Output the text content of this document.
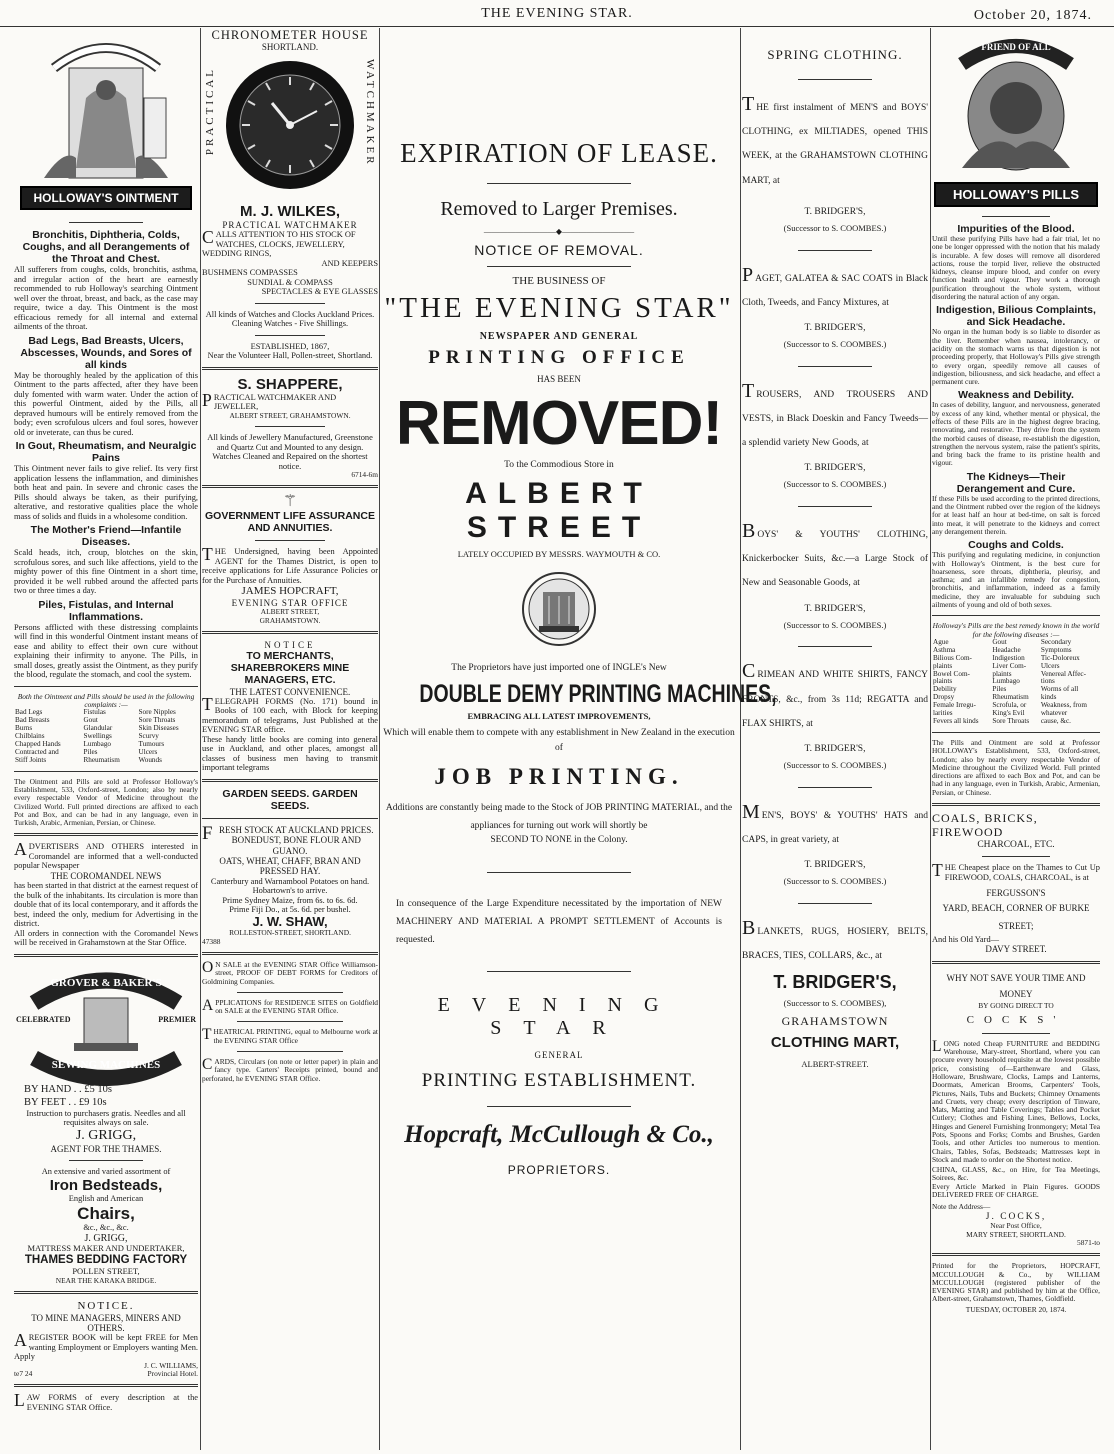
THE EVENING STAR.	October 20, 1874.
HOLLOWAY'S OINTMENT

Bronchitis, Diphtheria, Colds, Coughs, and all Derangements of the Throat and Chest.

All sufferers from coughs, colds, bronchitis, asthma, and irregular action of the heart are earnestly recommended to rub Holloway's searching Ointment well over the throat, breast, and back, as the case may require, twice a day. This Ointment is the most efficacious remedy for all internal and external ailments of the throat.

Bad Legs, Bad Breasts, Ulcers, Abscesses, Wounds, and Sores of all kinds

May be thoroughly healed by the application of this Ointment to the parts affected, after they have been duly fomented with warm water. Under the action of this powerful Ointment, aided by the Pills, all depraved humours will be entirely removed from the body; even scrofulous ulcers and foul sores, however old or inveterate, can thus be cured.

In Gout, Rheumatism, and Neuralgic Pains

This Ointment never fails to give relief. Its very first application lessens the inflammation, and diminishes both heat and pain. In severe and chronic cases the Pills should always be taken, as their purifying, alterative, and restorative qualities place the whole mass of solids and fluids in a wholesome condition.

The Mother's Friend—Infantile Diseases.

Scald heads, itch, croup, blotches on the skin, scrofulous sores, and such like affections, yield to the mighty power of this fine Ointment in a short time, provided it be well rubbed around the affected parts two or three times a day.

Piles, Fistulas, and Internal Inflammations.

Persons afflicted with these distressing complaints will find in this wonderful Ointment instant means of ease and ability to effect their own cure without explaining their infirmity to anyone. The Pills, in small doses, greatly assist the Ointment, as they purify the blood, regulate the stomach, and cool the system.

Both the Ointment and Pills should be used in the following complaints :—

Bad Legs	Fistulas	Sore Nipples
Bad Breasts	Gout	Sore Throats
Burns	Glandular	Skin Diseases
Chilblains	Swellings	Scurvy
Chapped Hands	Lumbago	Tumours
Contracted and	Piles	Ulcers
Stiff Joints	Rheumatism	Wounds

The Ointment and Pills are sold at Professor Holloway's Establishment, 533, Oxford-street, London; also by nearly every respectable Vendor of Medicine throughout the Civilized World. Full printed directions are affixed to each Pot and Box, and can be had in any language, even in Turkish, Arabic, Armenian, Persian, or Chinese.

ADVERTISERS AND OTHERS interested in Coromandel are informed that a well-conducted popular Newspaper

THE COROMANDEL NEWS

has been started in that district at the earnest request of the bulk of the inhabitants. Its circulation is more than double that of its local contemporary, and it affords the best, indeed the only, medium for Advertising in the district.

All orders in connection with the Coromandel News will be received in Grahamstown at the Star Office.

GROVER & BAKER'S
CELEBRATED	PREMIER
SEWING MACHINES

BY HAND . . £5 10s

BY FEET . . £9 10s

Instruction to purchasers gratis. Needles and all requisites always on sale.

J. GRIGG,

AGENT FOR THE THAMES.

An extensive and varied assortment of

Iron Bedsteads,

English and American

Chairs,

&c., &c., &c.

J. GRIGG,

MATTRESS MAKER AND UNDERTAKER,

THAMES BEDDING FACTORY

POLLEN STREET,

NEAR THE KARAKA BRIDGE.

NOTICE.

TO MINE MANAGERS, MINERS AND OTHERS.

AREGISTER BOOK will be kept FREE for Men wanting Employment or Employers wanting Men. Apply

J. C. WILLIAMS,

te7 24	Provincial Hotel.

LAW FORMS of every description at the EVENING STAR Office.

CHRONOMETER HOUSE

SHORTLAND.

PRACTICAL	WATCHMAKER

M. J. WILKES,

PRACTICAL WATCHMAKER

CALLS ATTENTION TO HIS STOCK OF WATCHES, CLOCKS, JEWELLERY, WEDDING RINGS,

AND KEEPERS

BUSHMENS COMPASSES

SUNDIAL & COMPASS

SPECTACLES & EYE GLASSES

All kinds of Watches and Clocks Auckland Prices.

Cleaning Watches - Five Shillings.

ESTABLISHED, 1867,

Near the Volunteer Hall, Pollen-street, Shortland.

S. SHAPPERE,

PRACTICAL WATCHMAKER AND JEWELLER,

ALBERT STREET, GRAHAMSTOWN.

All kinds of Jewellery Manufactured, Greenstone and Quartz Cut and Mounted to any design.

Watches Cleaned and Repaired on the shortest notice.

6714-6m

⚚

GOVERNMENT LIFE ASSURANCE AND ANNUITIES.

THE Undersigned, having been Appointed AGENT for the Thames District, is open to receive applications for Life Assurance Policies or for the Purchase of Annuities.

JAMES HOPCRAFT,

EVENING STAR OFFICE

ALBERT STREET,

GRAHAMSTOWN.

NOTICE

TO MERCHANTS, SHAREBROKERS MINE MANAGERS, ETC.

THE LATEST CONVENIENCE.

TELEGRAPH FORMS (No. 171) bound in Books of 100 each, with Block for keeping memorandum of telegrams, Just Published at the EVENING STAR office.

These handy little books are coming into general use in Auckland, and other places, amongst all classes of business men having to transmit important telegrams

GARDEN SEEDS. GARDEN SEEDS.

FRESH STOCK AT AUCKLAND PRICES.

BONEDUST, BONE FLOUR AND GUANO.

OATS, WHEAT, CHAFF, BRAN AND PRESSED HAY.

Canterbury and Warnambool Potatoes on hand. Hobartown's to arrive.

Prime Sydney Maize, from 6s. to 6s. 6d.

Prime Fiji Do., at 5s. 6d. per bushel.

J. W. SHAW,

ROLLESTON-STREET, SHORTLAND.

47388

ON SALE at the EVENING STAR Office Williamson-street, PROOF OF DEBT FORMS for Creditors of Goldmining Companies.

APPLICATIONS for RESIDENCE SITES on Goldfield on SALE at the EVENING STAR Office.

THEATRICAL PRINTING, equal to Melbourne work at the EVENING STAR Office

CARDS, Circulars (on note or letter paper) in plain and fancy type. Carters' Receipts printed, bound and perforated, he EVENING STAR Office.

EXPIRATION OF LEASE.

Removed to Larger Premises.

—————————◆—————————

NOTICE OF REMOVAL.

THE BUSINESS OF

"THE EVENING STAR"

NEWSPAPER AND GENERAL

PRINTING OFFICE

HAS BEEN

REMOVED!

To the Commodious Store in

ALBERT STREET

LATELY OCCUPIED BY MESSRS. WAYMOUTH & CO.

The Proprietors have just imported one of INGLE's New

DOUBLE DEMY PRINTING MACHINES,

EMBRACING ALL LATEST IMPROVEMENTS,

Which will enable them to compete with any establishment in New Zealand in the execution of

JOB PRINTING.

Additions are constantly being made to the Stock of JOB PRINTING MATERIAL, and the appliances for turning out work will shortly be

SECOND TO NONE in the Colony.

In consequence of the Large Expenditure necessitated by the importation of NEW MACHINERY AND MATERIAL A PROMPT SETTLEMENT of Accounts is requested.

EVENING STAR

GENERAL

PRINTING ESTABLISHMENT.

Hopcraft, McCullough & Co.,

PROPRIETORS.

SPRING CLOTHING.

THE first instalment of MEN'S and BOYS' CLOTHING, ex MILTIADES, opened THIS WEEK, at the GRAHAMSTOWN CLOTHING MART, at

T. BRIDGER'S,

(Successor to S. COOMBES.)

PAGET, GALATEA & SAC COATS in Black Cloth, Tweeds, and Fancy Mixtures, at

T. BRIDGER'S,

(Successor to S. COOMBES.)

TROUSERS, AND TROUSERS AND VESTS, in Black Doeskin and Fancy Tweeds—a splendid variety New Goods, at

T. BRIDGER'S,

(Successor to S. COOMBES.)

BOYS' & YOUTHS' CLOTHING, Knickerbocker Suits, &c.—a Large Stock of New and Seasonable Goods, at

T. BRIDGER'S,

(Successor to S. COOMBES.)

CRIMEAN AND WHITE SHIRTS, FANCY FRONTS, &c., from 3s 11d; REGATTA and FLAX SHIRTS, at

T. BRIDGER'S,

(Successor to S. COOMBES.)

MEN'S, BOYS' & YOUTHS' HATS and CAPS, in great variety, at

T. BRIDGER'S,

(Successor to S. COOMBES.)

BLANKETS, RUGS, HOSIERY, BELTS, BRACES, TIES, COLLARS, &c., at

T. BRIDGER'S,

(Successor to S. COOMBES),

GRAHAMSTOWN

CLOTHING MART,

ALBERT-STREET.

FRIEND OF ALL
HOLLOWAY'S PILLS

Impurities of the Blood.

Until these purifying Pills have had a fair trial, let no one be longer oppressed with the notion that his malady is incurable. A few doses will remove all disordered actions, rouse the torpid liver, relieve the obstructed kidneys, cleanse impure blood, and confer on every function health and vigour. They work a thorough purification throughout the whole system, without disordering the natural action of any organ.

Indigestion, Bilious Complaints, and Sick Headache.

No organ in the human body is so liable to disorder as the liver. Remember when nausea, intolerancy, or acidity on the stomach warns us that digestion is not proceeding properly, that Holloway's Pills give strength to every organ, speedily remove all causes of indigestion, biliousness, and sick headache, and effect a permanent cure.

Weakness and Debility.

In cases of debility, languor, and nervousness, generated by excess of any kind, whether mental or physical, the effects of these Pills are in the highest degree bracing, renovating, and restorative. They drive from the system the morbid causes of disease, re-establish the digestion, strengthen the nervous system, raise the patient's spirits, and bring back the frame to its pristine health and vigour.

The Kidneys—Their Derangement and Cure.

If these Pills be used according to the printed directions, and the Ointment rubbed over the region of the kidneys for at least half an hour at bed-time, on salt is forced into meat, it will penetrate to the kidneys and correct any derangement therein.

Coughs and Colds.

This purifying and regulating medicine, in conjunction with Holloway's Ointment, is the best cure for hoarseness, sore throats, diphtheria, pleurisy, and asthma; and an infallible remedy for congestion, bronchitis, and inflammation, indeed as a family medicine, they are invaluable for subduing such ailments of young and old of both sexes.

Holloway's Pills are the best remedy known in the world for the following diseases :—

Ague	Gout	Secondary
Asthma	Headache	Symptoms
Bilious Com-	Indigestion	Tic-Doloreux
plaints	Liver Com-	Ulcers
Bowel Com-	plaints	Venereal Affec-
plaints	Lumbago	tions
Debility	Piles	Worms of all
Dropsy	Rheumatism	kinds
Female Irregu-	Scrofula, or	Weakness, from
larities	King's Evil	whatever
Fevers all kinds	Sore Throats	cause, &c.

The Pills and Ointment are sold at Professor HOLLOWAY's Establishment, 533, Oxford-street, London; also by nearly every respectable Vendor of Medicine throughout the Civilized World. Full printed directions are affixed to each Box and Pot, and can be had in any language, even in Turkish, Arabic, Armenian, Persian, or Chinese.

COALS, BRICKS, FIREWOOD

CHARCOAL, ETC.

THE Cheapest place on the Thames to Cut Up FIREWOOD, COALS, CHARCOAL, is at

FERGUSSON'S

YARD, BEACH, CORNER OF BURKE STREET;

And his Old Yard—

DAVY STREET.

WHY NOT SAVE YOUR TIME AND MONEY

BY GOING DIRECT TO

COCKS'

LONG noted Cheap FURNITURE and BEDDING Warehouse, Mary-street, Shortland, where you can procure every household requisite at the lowest possible price, consisting of—Earthenware and Glass, Holloware, Brushware, Clocks, Lamps and Lanterns, Doormats, American Brooms, Carpenters' Tools, Pictures, Nails, Tubs and Buckets; Chimney Ornaments and Cruets, very cheap; every description of Tinware, Mats, Matting and Table Coverings; Tables and Pocket Cutlery; Clothes and Fishing Lines, Bellows, Locks, Hinges and Generel Furnishing Ironmongery; Metal Tea Pots, Spoons and Forks; Combs and Brushes, Garden Tools, and other Articles too numerous to mention. Chairs, Tables, Sofas, Bedsteads; Mattresses kept in Stock and made to order on the Shortest notice.

CHINA, GLASS, &c., on Hire, for Tea Meetings, Soirees, &c.

Every Article Marked in Plain Figures. GOODS DELIVERED FREE OF CHARGE.

Note the Address—

J. COCKS,

Near Post Office,

MARY STREET, SHORTLAND.

5871-to

Printed for the Proprietors, HOPCRAFT, MCCULLOUGH & Co., by WILLIAM MCCULLOUGH (registered publisher of the EVENING STAR) and published by him at the Office, Albert-street, Grahamstown, Thames, Goldfield.

TUESDAY, OCTOBER 20, 1874.
